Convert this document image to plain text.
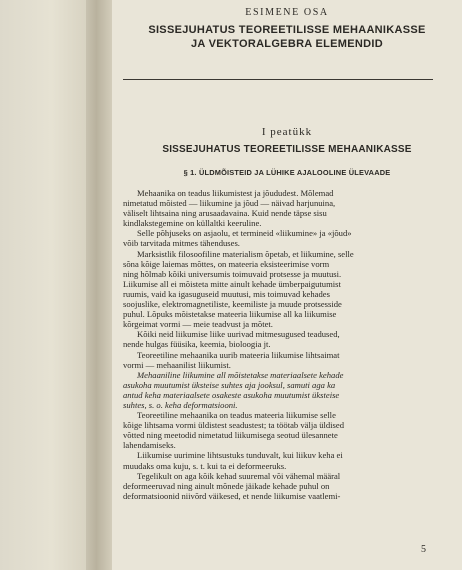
ESIMENE OSA
SISSEJUHATUS TEOREETILISSE MEHAANIKASSE
JA VEKTORALGEBRA ELEMENDID
I peatükk
SISSEJUHATUS TEOREETILISSE MEHAANIKASSE
§ 1. ÜLDMÕISTEID JA LÜHIKE AJALOOLINE ÜLEVAADE
Mehaanika on teadus liikumistest ja jõududest. Mõlemad
nimetatud mõisted — liikumine ja jõud — näivad harjunuina,
väliselt lihtsaina ning arusaadavaina. Kuid nende täpse sisu
kindlakstegemine on küllaltki keeruline.
Selle põhjuseks on asjaolu, et termineid «liikumine» ja «jõud»
võib tarvitada mitmes tähenduses.
Marksistlik filosoofiline materialism õpetab, et liikumine, selle
sõna kõige laiemas mõttes, on mateeria eksisteerimise vorm
ning hõlmab kõiki universumis toimuvaid protsesse ja muutusi.
Liikumise all ei mõisteta mitte ainult kehade ümberpaigutumist
ruumis, vaid ka igasuguseid muutusi, mis toimuvad kehades
soojuslike, elektromagnetiliste, keemiliste ja muude protsesside
puhul. Lõpuks mõistetakse mateeria liikumise all ka liikumise
kõrgeimat vormi — meie teadvust ja mõtet.
Kõiki neid liikumise liike uurivad mitmesugused teadused,
nende hulgas füüsika, keemia, bioloogia jt.
Teoreetiline mehaanika uurib mateeria liikumise lihtsaimat
vormi — mehaanilist liikumist.
Mehaaniline liikumine all mõistetakse materiaalsete kehade
asukoha muutumist üksteise suhtes aja jooksul, samuti aga ka
antud keha materiaalsete osakeste asukoha muutumist üksteise
suhtes, s. o. keha deformatsiooni.
Teoreetiline mehaanika on teadus mateeria liikumise selle
kõige lihtsama vormi üldistest seadustest; ta töötab välja üldised
võtted ning meetodid nimetatud liikumisega seotud ülesannete
lahendamiseks.
Liikumise uurimine lihtsustuks tunduvalt, kui liikuv keha ei
muudaks oma kuju, s. t. kui ta ei deformeeruks.
Tegelikult on aga kõik kehad suuremal või vähemal määral
deformeeruvad ning ainult mõnede jäikade kehade puhul on
deformatsioonid niivõrd väikesed, et nende liikumise vaatlemi-
5
